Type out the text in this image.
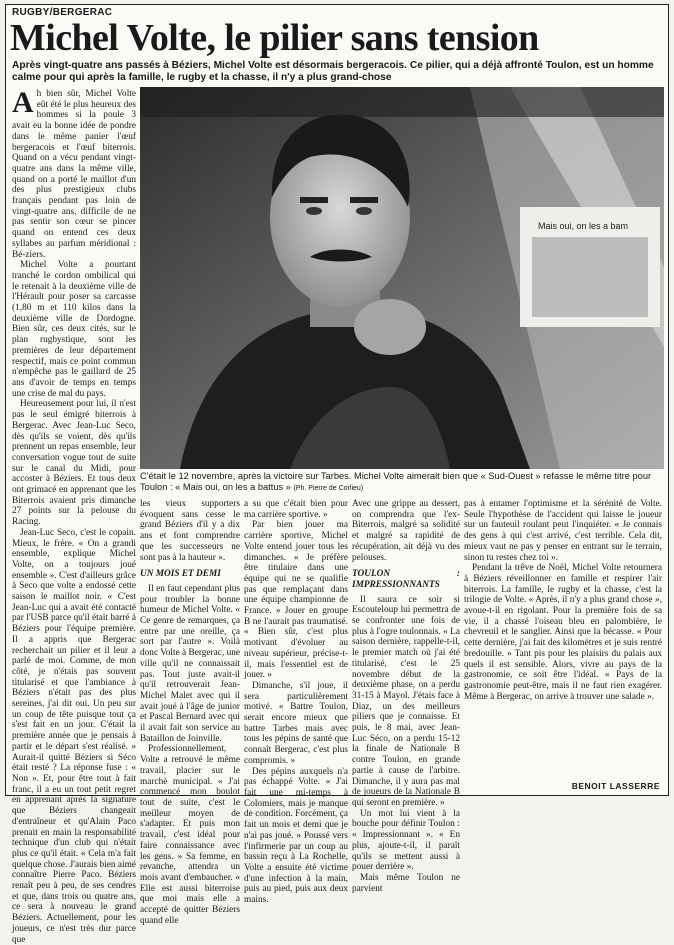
RUGBY/BERGERAC
Michel Volte, le pilier sans tension
Après vingt-quatre ans passés à Béziers, Michel Volte est désormais bergeracois. Ce pilier, qui a déjà affronté Toulon, est un homme calme pour qui après la famille, le rugby et la chasse, il n'y a plus grand-chose
A h bien sûr, Michel Volte eût été le plus heureux des hommes si la poule 3 avait eu la bonne idée de pondre dans le même panier l'œuf bergeracois et l'œuf biterrois. Quand on a vécu pendant vingt-quatre ans dans la même ville, quand on a porté le maillot d'un des plus prestigieux clubs français pendant pas loin de vingt-quatre ans, difficile de ne pas sentir son cœur se pincer quand on entend ces deux syllabes au parfum méridional : Bé-ziers.

Michel Volte a pourtant tranché le cordon ombilical qui le retenait à la deuxième ville de l'Hérault pour poser sa carcasse (1,80 m et 110 kilos dans la deuxième ville de Dordogne. Bien sûr, ces deux cités, sur le plan rugbystique, sont les premières de leur département respectif, mais ce point commun n'empêche pas le gaillard de 25 ans d'avoir de temps en temps une crise de mal du pays.

Heureusement pour lui, il n'est pas le seul émigré biterrois à Bergerac. Avec Jean-Luc Seco, dès qu'ils se voient, dès qu'ils prennent un repas ensemble, leur conversation vogue tout de suite sur le canal du Midi, pour accoster à Béziers. Et tous deux ont grimacé en apprenant que les Biterrois avaient pris dimanche 27 points sur la pelouse du Racing.

Jean-Luc Seco, c'est le copain. Mieux, le frère. « On a grandi ensemble, explique Michel Volte, on a toujours joué ensemble ». C'est d'ailleurs grâce à Seco que volte a endossé cette saison le maillot noir. « C'est Jean-Luc qui a avait été contacté par l'USB parce qu'il était barré à Béziers pour l'équipe première. Il a appris que Bergerac recherchait un pilier et il leur a parlé de moi. Comme, de mon côté, je n'étais pas souvent titularisé et que l'ambiance à Béziers n'était pas des plus sereines, j'ai dit oui. Un peu sur un coup de tête puisque tout ça s'est fait en un jour. C'était la première année que je pensais à partir et le départ s'est réalisé. » Aurait-il quitté Béziers si Séco était resté ? La réponse fuse : « Non ». Et, pour être tout à fait franc, il a eu un tout petit regret en apprenant après la signature que Béziers changeait d'entraîneur et qu'Alain Paco prenait en main la responsabilité technique d'un club qui n'était plus ce qu'il était. « Cela m'a fait quelque chose. J'aurais bien aimé connaître Pierre Paco. Béziers renaît peu à peu, de ses cendres et que, dans trois ou quatre ans, ce sera à nouveau le grand Béziers. Actuellement, pour les joueurs, ce n'est très dur parce que

Mais oui, on les a bam
C'était le 12 novembre, après la victoire sur Tarbes. Michel Volte aimerait bien que « Sud-Ouest » refasse le même titre pour Toulon : « Mais oui, on les a battus » (Ph. Pierre de Corlieu)

les vieux supporters évoquent sans cesse le grand Béziers d'il y a dix ans et font comprendre que les successeurs ne sont pas à la hauteur ».

UN MOIS ET DEMI

Il en faut cependant plus pour troubler la bonne humeur de Michel Volte. « Ce genre de remarques, ça entre par une oreille, ça sort par l'autre ». Voilà donc Volte à Bergerac, une ville qu'il ne connaissait pas. Tout juste avait-il qu'il retrouverait Jean-Michel Malet avec qui il avait joué à l'âge de junior et Pascal Bernard avec qui il avait fait son service au Bataillon de Joinville.

Professionnellement, Volte a retrouvé le même travail, placier sur le marché municipal. « J'ai commencé mon boulot tout de suite, c'est le meilleur moyen de s'adapter. Et puis mon travail, c'est idéal pour faire connaissance avec les gens. » Sa femme, en revanche, attendra un mois avant d'embaucher. « Elle est aussi biterroise que moi mais elle a accepté de quitter Béziers quand elle

a su que c'était bien pour ma carrière sportive. »

Par bien jouer ma carrière sportive, Michel Volte entend jouer tous les dimanches. « Je préfère être titulaire dans une équipe qui ne se qualifie pas que remplaçant dans une équipe championne de France. » Jouer en groupe B ne l'aurait pas traumatisé. « Bien sûr, c'est plus motivant d'évoluer au niveau supérieur, précise-t-il, mais l'essentiel est de jouer. »

Dimanche, s'il joue, il sera particulièrement motivé. « Battre Toulon, serait encore mieux que battre Tarbes mais avec tous les pépins de santé que connaît Bergerac, c'est plus compromis. »

Des pépins auxquels n'a pas échappé Volte. « J'ai fait une mi-temps à Colomiers, mais je manque de condition. Forcément, ça fait un mois et demi que je n'ai pas joué. » Poussé vers l'infirmerie par un coup au bassin reçu à La Rochelle, Volte a ensuite été victime d'une infection à la main, puis au pied, puis aux deux mains.

Avec une grippe au dessert, on comprendra que l'ex-Biterrois, malgré sa solidité et malgré sa rapidité de récupération, ait déjà vu des pelouses.

TOULON : IMPRESSIONNANTS

Il saura ce soir si Escouteloup lui permettra de se confronter une fois de plus à l'ogre toulonnais. « La saison dernière, rappelle-t-il, le premier match où j'ai été titularisé, c'est le 25 novembre début de la deuxième phase, on a perdu 31-15 à Mayol. J'étais face à Diaz, un des meilleurs piliers que je connaisse. Et puis, le 8 mai, avec Jean-Luc Séco, on a perdu 15-12 la finale de Nationale B contre Toulon, en grande partie à cause de l'arbitre. Dimanche, il y aura pas mal de joueurs de la Nationale B qui seront en première. »

Un mot lui vient à la bouche pour définir Toulon : « Impressionnant ». « En plus, ajoute-t-il, il paraît qu'ils se mettent aussi à pouer derrière ».

Mais même Toulon ne parvient

pas à entamer l'optimisme et la sérénité de Volte. Seule l'hypothèse de l'accident qui laisse le joueur sur un fauteuil roulant peut l'inquiéter. « Je connais des gens à qui c'est arrivé, c'est terrible. Cela dit, mieux vaut ne pas y penser en entrant sur le terrain, sinon tu restes chez toi ».

Pendant la trêve de Noël, Michel Volte retournera à Béziers réveillonner en famille et respirer l'air biterrois. La famille, le rugby et la chasse, c'est la trilogie de Volte. « Après, il n'y a plus grand chose », avoue-t-il en rigolant. Pour la première fois de sa vie, il a chassé l'oiseau bleu en palombière, le chevreuil et le sanglier. Ainsi que la bécasse. « Pour cette dernière, j'ai fait des kilomètres et je suis rentré bredouille. » Tant pis pour les plaisirs du palais aux quels il est sensible. Alors, vivre au pays de la gastronomie, ce soit être l'idéal. « Pays de la gastronomie peut-être, mais il ne faut rien exagérer. Même à Bergerac, on arrive à trouver une salade ».

BENOIT LASSERRE
